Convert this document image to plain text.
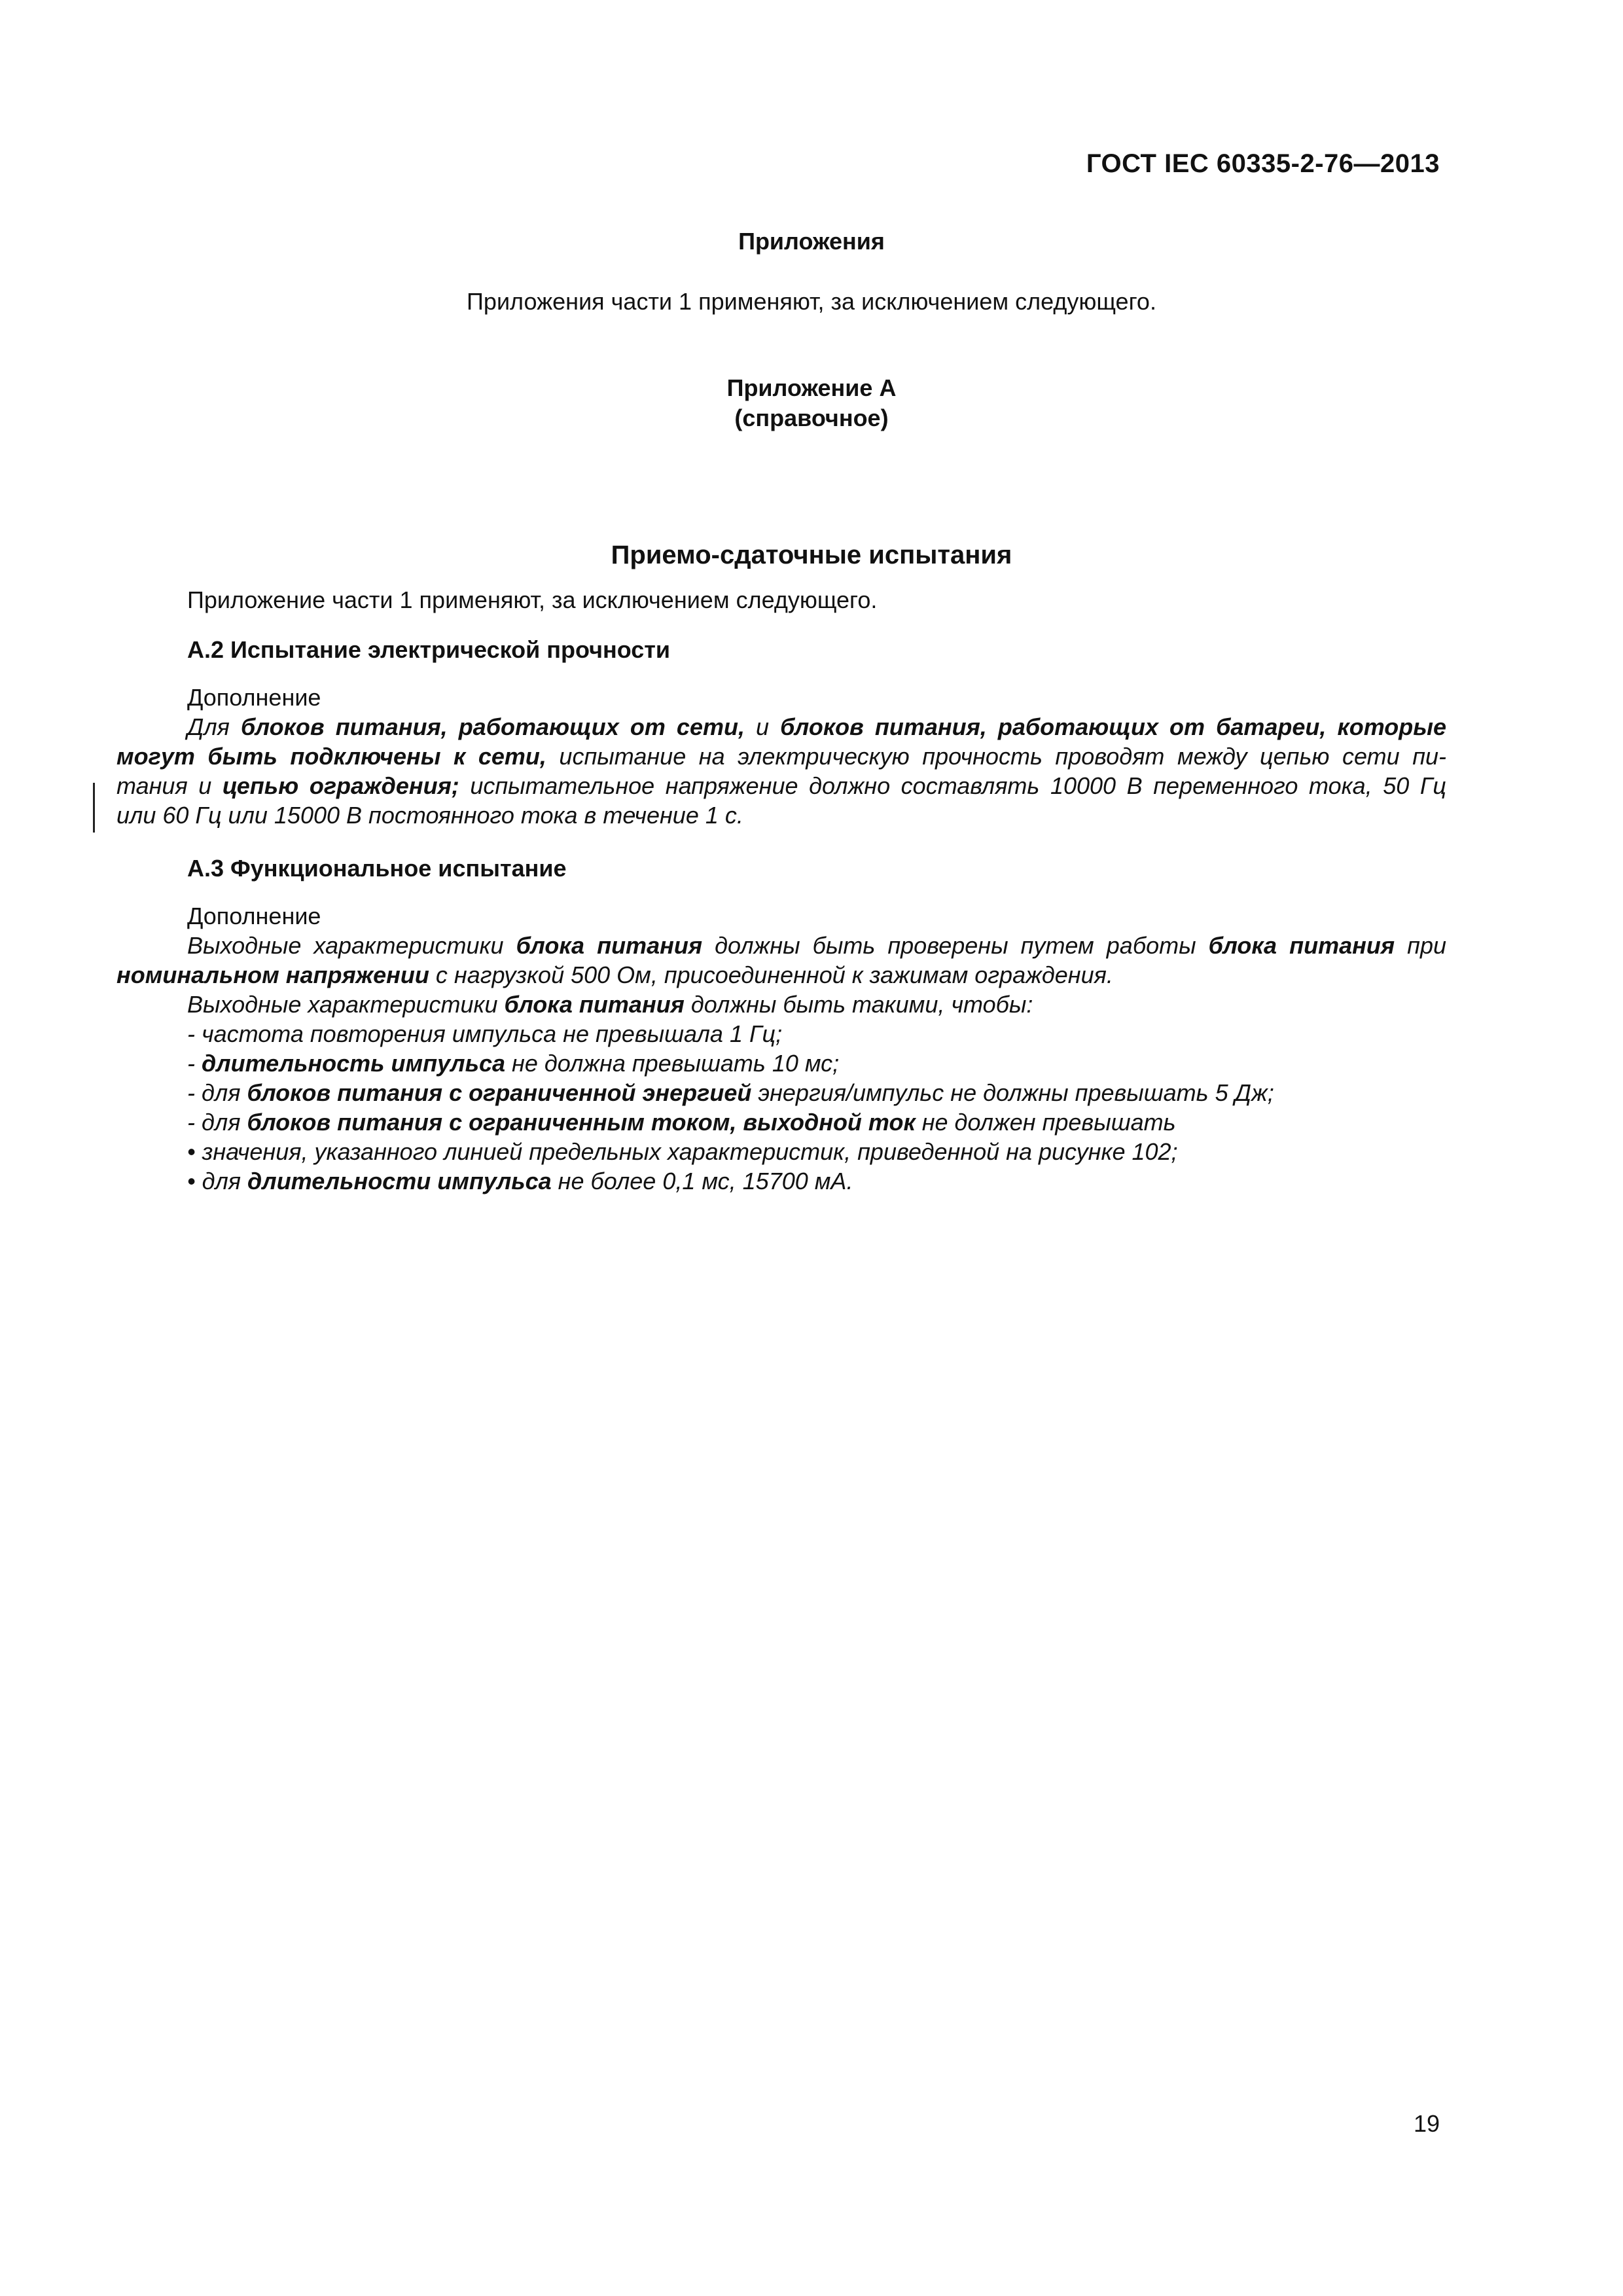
ГОСТ IEC 60335-2-76—2013
Приложения
Приложения части 1 применяют, за исключением следующего.
Приложение А
(справочное)
Приемо-сдаточные испытания
Приложение части 1 применяют, за исключением следующего.
А.2 Испытание электрической прочности
Дополнение
Для блоков питания, работающих от сети, и блоков питания, работающих от батареи, которые
могут быть подключены к сети, испытание на электрическую прочность проводят между цепью сети пи-
тания и цепью ограждения; испытательное напряжение должно составлять 10000 В переменного тока, 50 Гц
или 60 Гц или 15000 В постоянного тока в течение 1 с.
А.3 Функциональное испытание
Дополнение
Выходные характеристики блока питания должны быть проверены путем работы блока питания при
номинальном напряжении с нагрузкой 500 Ом, присоединенной к зажимам ограждения.
Выходные характеристики блока питания должны быть такими, чтобы:
- частота повторения импульса не превышала 1 Гц;
- длительность импульса не должна превышать 10 мс;
- для блоков питания с ограниченной энергией энергия/импульс не должны превышать 5 Дж;
- для блоков питания с ограниченным током, выходной ток не должен превышать
• значения, указанного линией предельных характеристик, приведенной на рисунке 102;
• для длительности импульса не более 0,1 мс, 15700 мА.
19
